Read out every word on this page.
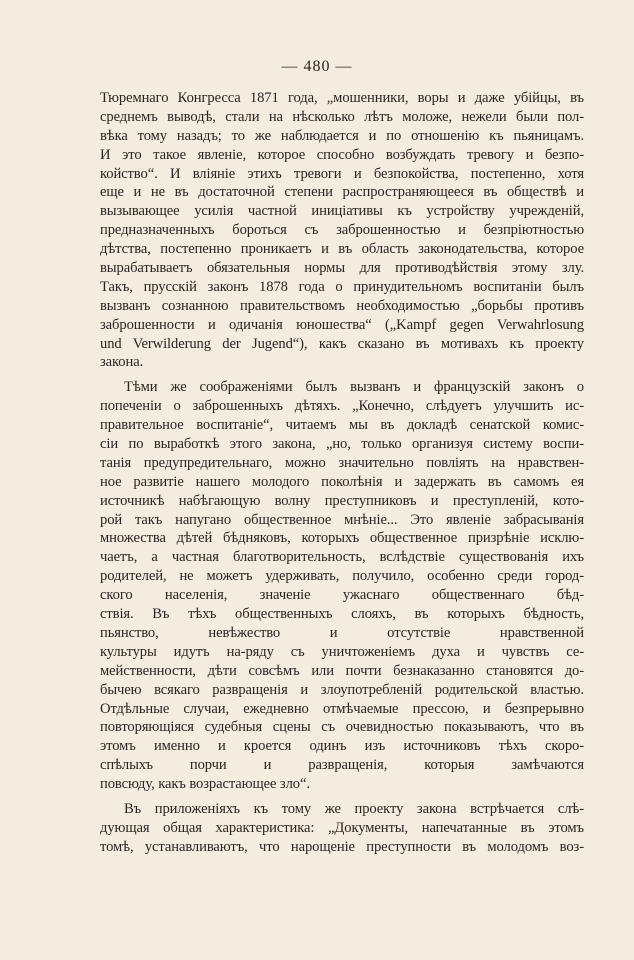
— 480 —
Тюремнаго Конгресса 1871 года, „мошенники, воры и даже убійцы, въ
среднемъ выводѣ, стали на нѣсколько лѣтъ моложе, нежели были пол-
вѣка тому назадъ; то же наблюдается и по отношенію къ пьяницамъ.
И это такое явленіе, которое способно возбуждать тревогу и безпо-
койство“. И вліяніе этихъ тревоги и безпокойства, постепенно, хотя
еще и не въ достаточной степени распространяющееся въ обществѣ и
вызывающее усилія частной иниціативы къ устройству учрежденій,
предназначенныхъ бороться съ заброшенностью и безпріютностью
дѣтства, постепенно проникаетъ и въ область законодательства, которое
вырабатываетъ обязательныя нормы для противодѣйствія этому злу.
Такъ, прусскій законъ 1878 года о принудительномъ воспитаніи былъ
вызванъ сознанною правительствомъ необходимостью „борьбы противъ
заброшенности и одичанія юношества“ („Kampf gegen Verwahrlosung
und Verwilderung der Jugend“), какъ сказано въ мотивахъ къ проекту
закона.
Тѣми же соображеніями былъ вызванъ и французскій законъ о
попеченіи о заброшенныхъ дѣтяхъ. „Конечно, слѣдуетъ улучшить ис-
правительное воспитаніе“, читаемъ мы въ докладѣ сенатской комис-
сіи по выработкѣ этого закона, „но, только организуя систему воспи-
танія предупредительнаго, можно значительно повліять на нравствен-
ное развитіе нашего молодого поколѣнія и задержать въ самомъ ея
источникѣ набѣгающую волну преступниковъ и преступленій, кото-
рой такъ напугано общественное мнѣніе... Это явленіе забрасыванія
множества дѣтей бѣдняковъ, которыхъ общественное призрѣніе исклю-
чаетъ, а частная благотворительность, вслѣдствіе существованія ихъ
родителей, не можетъ удерживать, получило, особенно среди город-
ского населенія, значеніе ужаснаго общественнаго бѣд-
ствія. Въ тѣхъ общественныхъ слояхъ, въ которыхъ бѣдность,
пьянство, невѣжество и отсутствіе нравственной
культуры идутъ на-ряду съ уничтоженіемъ духа и чувствъ се-
мейственности, дѣти совсѣмъ или почти безнаказанно становятся до-
бычею всякаго развращенія и злоупотребленій родительской властью.
Отдѣльные случаи, ежедневно отмѣчаемые прессою, и безпрерывно
повторяющіяся судебныя сцены съ очевидностью показываютъ, что въ
этомъ именно и кроется одинъ изъ источниковъ тѣхъ скоро-
спѣлыхъ порчи и развращенія, которыя замѣчаются
повсюду, какъ возрастающее зло“.
Въ приложеніяхъ къ тому же проекту закона встрѣчается слѣ-
дующая общая характеристика: „Документы, напечатанные въ этомъ
томѣ, устанавливаютъ, что нарощеніе преступности въ молодомъ воз-
